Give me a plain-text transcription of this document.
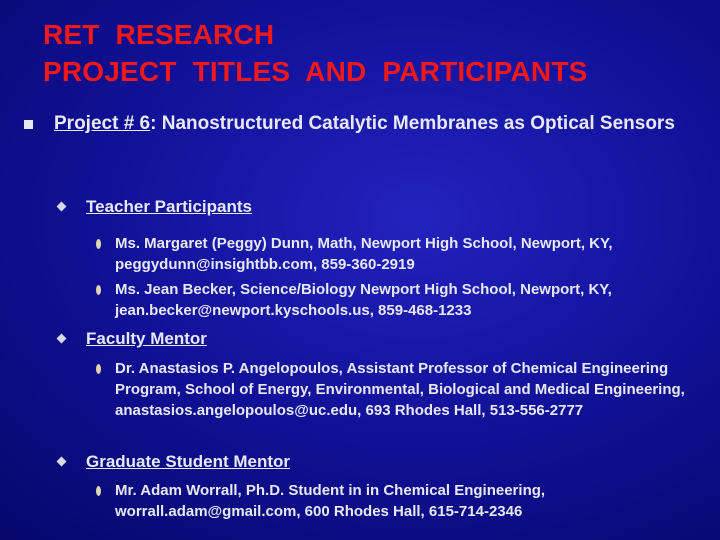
RET  RESEARCH
PROJECT  TITLES  AND  PARTICIPANTS
Project # 6: Nanostructured Catalytic Membranes as Optical Sensors
Teacher Participants
Ms. Margaret (Peggy) Dunn, Math, Newport High School, Newport, KY, peggydunn@insightbb.com, 859-360-2919
Ms. Jean Becker, Science/Biology Newport High School, Newport, KY, jean.becker@newport.kyschools.us, 859-468-1233
Faculty Mentor
Dr. Anastasios P. Angelopoulos, Assistant Professor of Chemical Engineering Program, School of Energy, Environmental, Biological and Medical Engineering, anastasios.angelopoulos@uc.edu, 693 Rhodes Hall, 513-556-2777
Graduate Student Mentor
Mr. Adam Worrall, Ph.D. Student in in Chemical Engineering, worrall.adam@gmail.com, 600 Rhodes Hall, 615-714-2346
